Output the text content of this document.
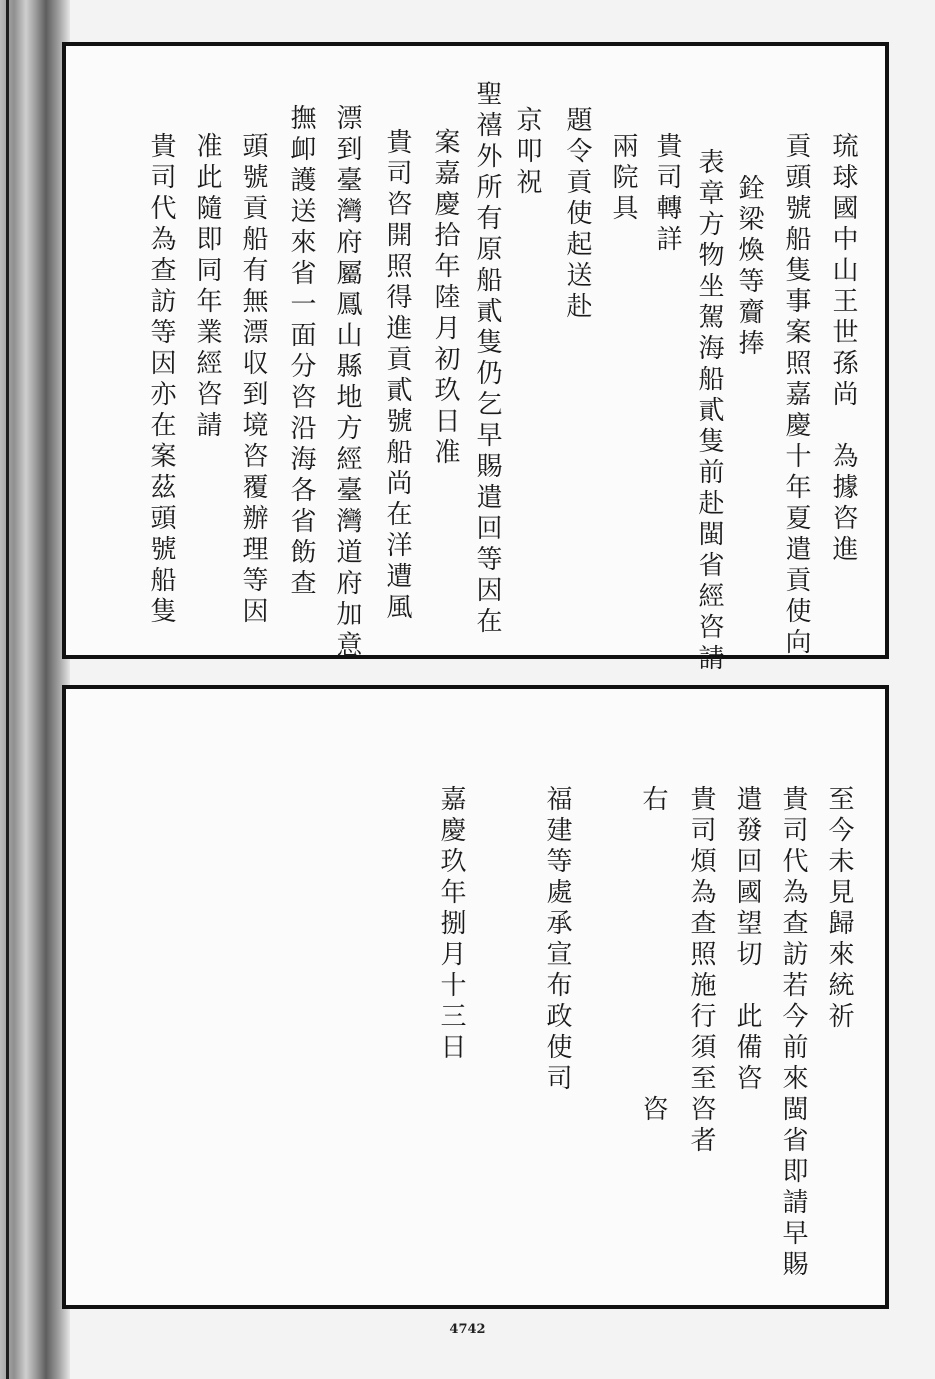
琉球國中山王世孫尚　為據咨進
貢頭號船隻事案照嘉慶十年夏遣貢使向
銓梁煥等齎捧
表章方物坐駕海船貳隻前赴閩省經咨請
貴司轉詳
兩院具
題令貢使起送赴
京叩祝
聖禧外所有原船貳隻仍乞早賜遣回等因在
案嘉慶拾年陸月初玖日准
貴司咨開照得進貢貳號船尚在洋遭風
漂到臺灣府屬鳳山縣地方經臺灣道府加意
撫卹護送來省一面分咨沿海各省飭查
頭號貢船有無漂収到境咨覆辦理等因
准此隨即同年業經咨請
貴司代為查訪等因亦在案茲頭號船隻
至今未見歸來統祈
貴司代為查訪若今前來閩省即請早賜
遣發回國望切　此備咨
貴司煩為查照施行須至咨者
右　　　　　　　　　咨
福建等處承宣布政使司
嘉慶玖年捌月十三日
4742
